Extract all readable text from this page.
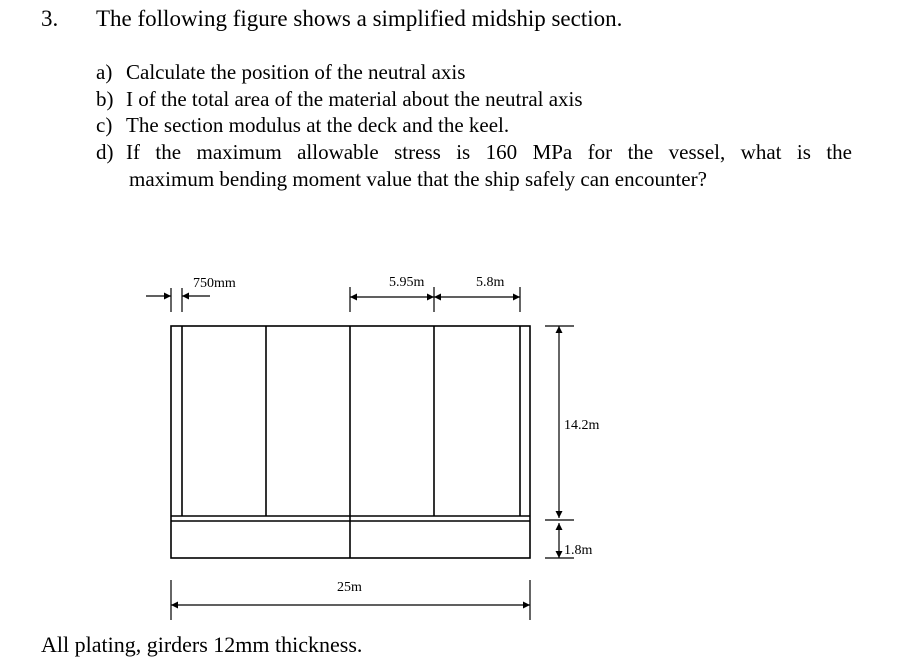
3. The following figure shows a simplified midship section.
a) Calculate the position of the neutral axis
b) I of the total area of the material about the neutral axis
c) The section modulus at the deck and the keel.
d) If the maximum allowable stress is 160 MPa for the vessel, what is the
maximum bending moment value that the ship safely can encounter?
750mm	5.95m	5.8m
14.2m
1.8m
25m
All plating, girders 12mm thickness.
